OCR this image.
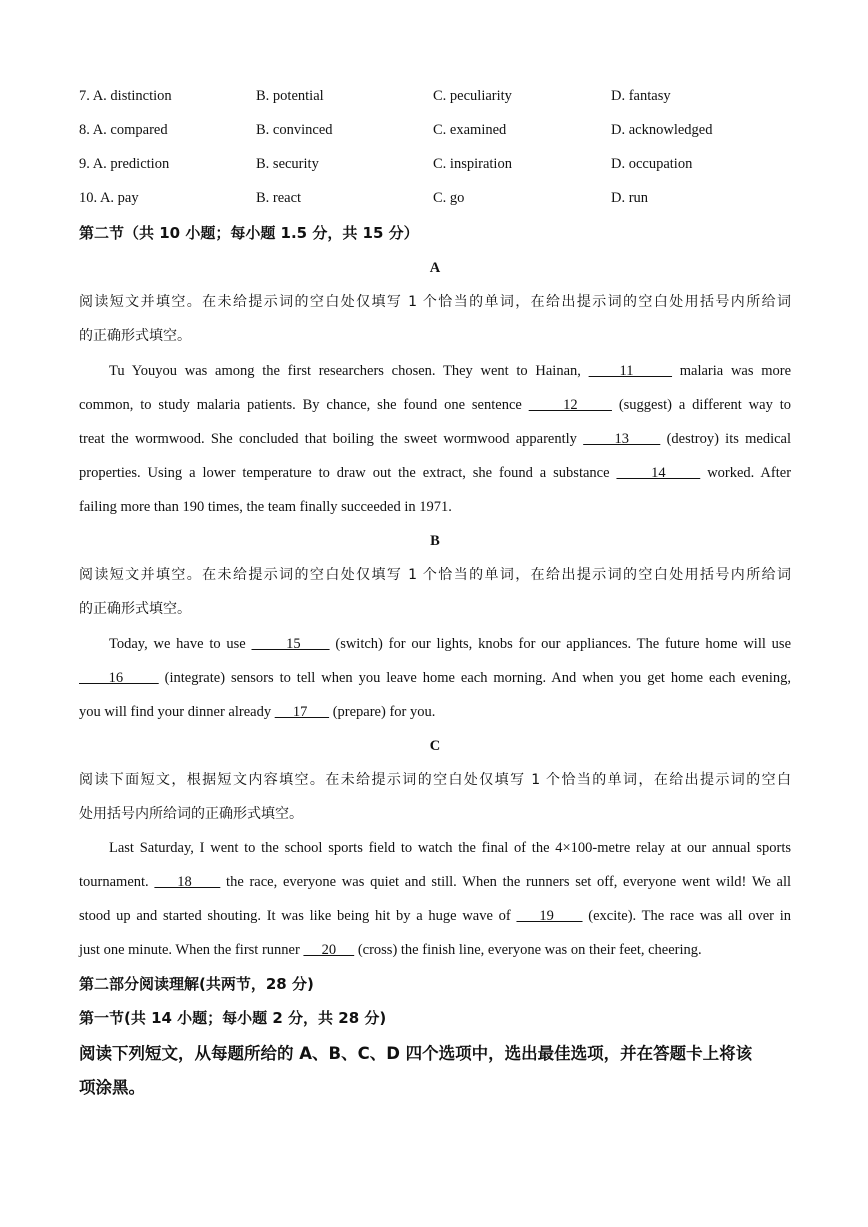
7. A. distinction	B. potential	C. peculiarity	D. fantasy
8. A. compared	B. convinced	C. examined	D. acknowledged
9. A. prediction	B. security	C. inspiration	D. occupation
10. A. pay	B. react	C. go	D. run
第二节（共 10 小题；每小题 1.5 分，共 15 分）
A
阅读短文并填空。在未给提示词的空白处仅填写 1 个恰当的单词，在给出提示词的空白处用括号内所给词
的正确形式填空。
Tu Youyou was among the first researchers chosen. They went to Hainan,     11      malaria was more
common, to study malaria patients. By chance, she found one sentence      12      (suggest) a different way to
treat the wormwood. She concluded that boiling the sweet wormwood apparently      13      (destroy) its medical
properties. Using a lower temperature to draw out the extract, she found a substance      14      worked. After
failing more than 190 times, the team finally succeeded in 1971.
B
阅读短文并填空。在未给提示词的空白处仅填写 1 个恰当的单词，在给出提示词的空白处用括号内所给词
的正确形式填空。
Today, we have to use       15      (switch) for our lights, knobs for our appliances. The future home will use
16       (integrate) sensors to tell when you leave home each morning. And when you get home each evening,
you will find your dinner already      17       (prepare) for you.
C
阅读下面短文，根据短文内容填空。在未给提示词的空白处仅填写 1 个恰当的单词，在给出提示词的空白
处用括号内所给词的正确形式填空。
Last Saturday, I went to the school sports field to watch the final of the 4×100-metre relay at our annual sports
tournament.     18      the race, everyone was quiet and still. When the runners set off, everyone went wild! We all
stood up and started shouting. It was like being hit by a huge wave of     19      (excite). The race was all over in
just one minute. When the first runner      20      (cross) the finish line, everyone was on their feet, cheering.
第二部分阅读理解(共两节，28 分)
第一节(共 14 小题；每小题 2 分，共 28 分)
阅读下列短文，从每题所给的 A、B、C、D 四个选项中，选出最佳选项，并在答题卡上将该
项涂黑。
